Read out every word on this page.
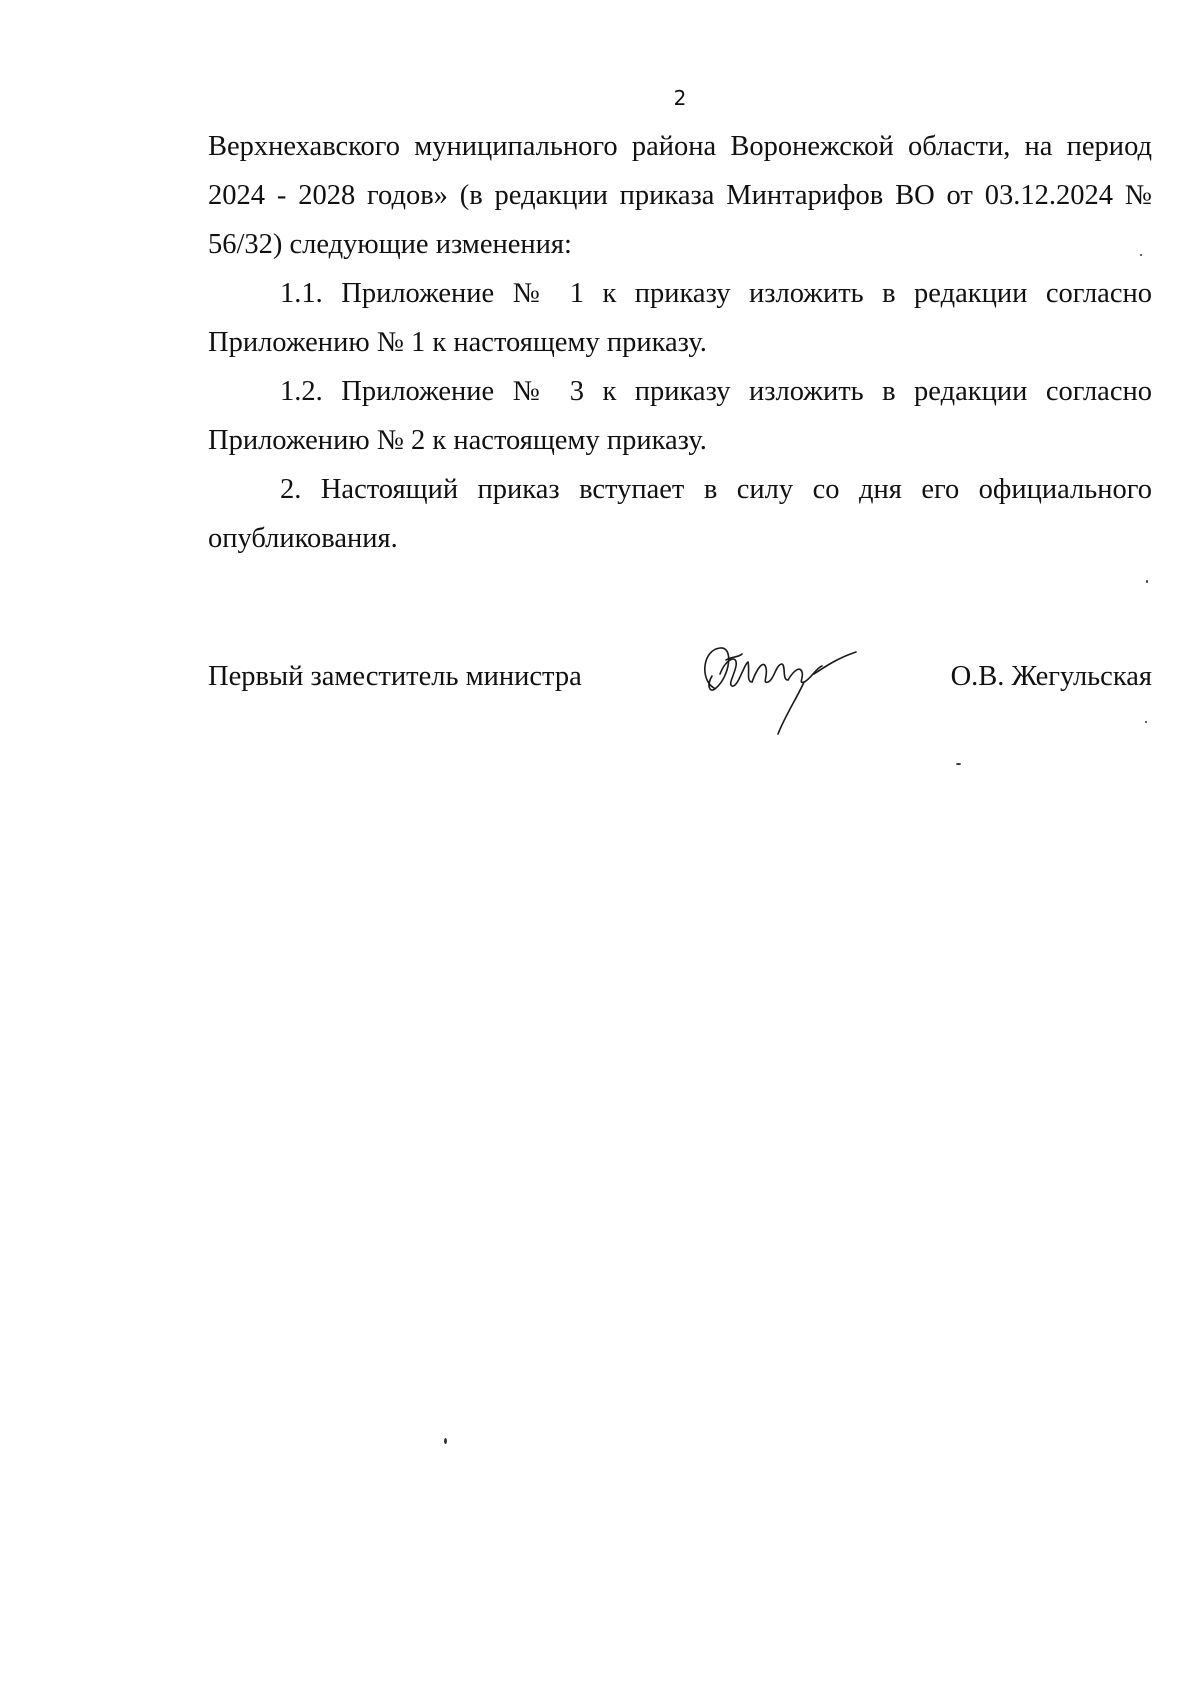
2

Верхнехавского муниципального района Воронежской области, на период 2024 - 2028 годов» (в редакции приказа Минтарифов ВО от 03.12.2024 № 56/32) следующие изменения:

1.1. Приложение № 1 к приказу изложить в редакции согласно Приложению № 1 к настоящему приказу.

1.2. Приложение № 3 к приказу изложить в редакции согласно Приложению № 2 к настоящему приказу.

2. Настоящий приказ вступает в силу со дня его официального опубликования.

Первый заместитель министра	О.В. Жегульская
